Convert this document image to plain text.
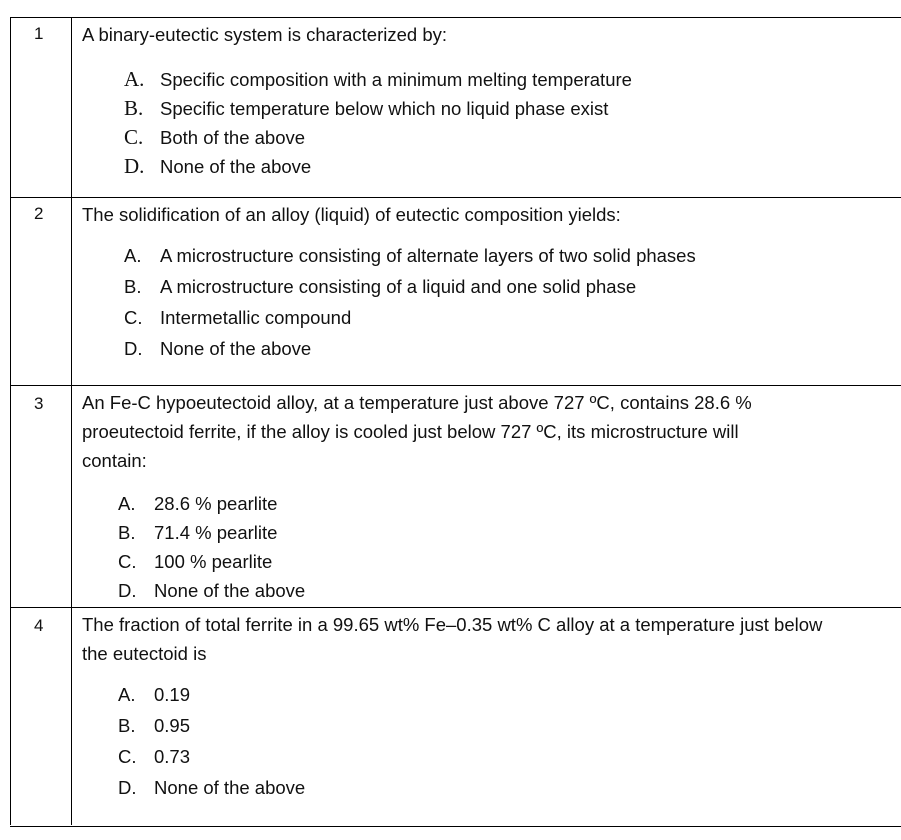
1 A binary-eutectic system is characterized by:
A. Specific composition with a minimum melting temperature
B. Specific temperature below which no liquid phase exist
C. Both of the above
D. None of the above
2 The solidification of an alloy (liquid) of eutectic composition yields:
A. A microstructure consisting of alternate layers of two solid phases
B. A microstructure consisting of a liquid and one solid phase
C. Intermetallic compound
D. None of the above
3 An Fe-C hypoeutectoid alloy, at a temperature just above 727 ºC, contains 28.6 %
proeutectoid ferrite, if the alloy is cooled just below 727 ºC, its microstructure will
contain:
A. 28.6 % pearlite
B. 71.4 % pearlite
C. 100 % pearlite
D. None of the above
4 The fraction of total ferrite in a 99.65 wt% Fe–0.35 wt% C alloy at a temperature just below
the eutectoid is
A. 0.19
B. 0.95
C. 0.73
D. None of the above
